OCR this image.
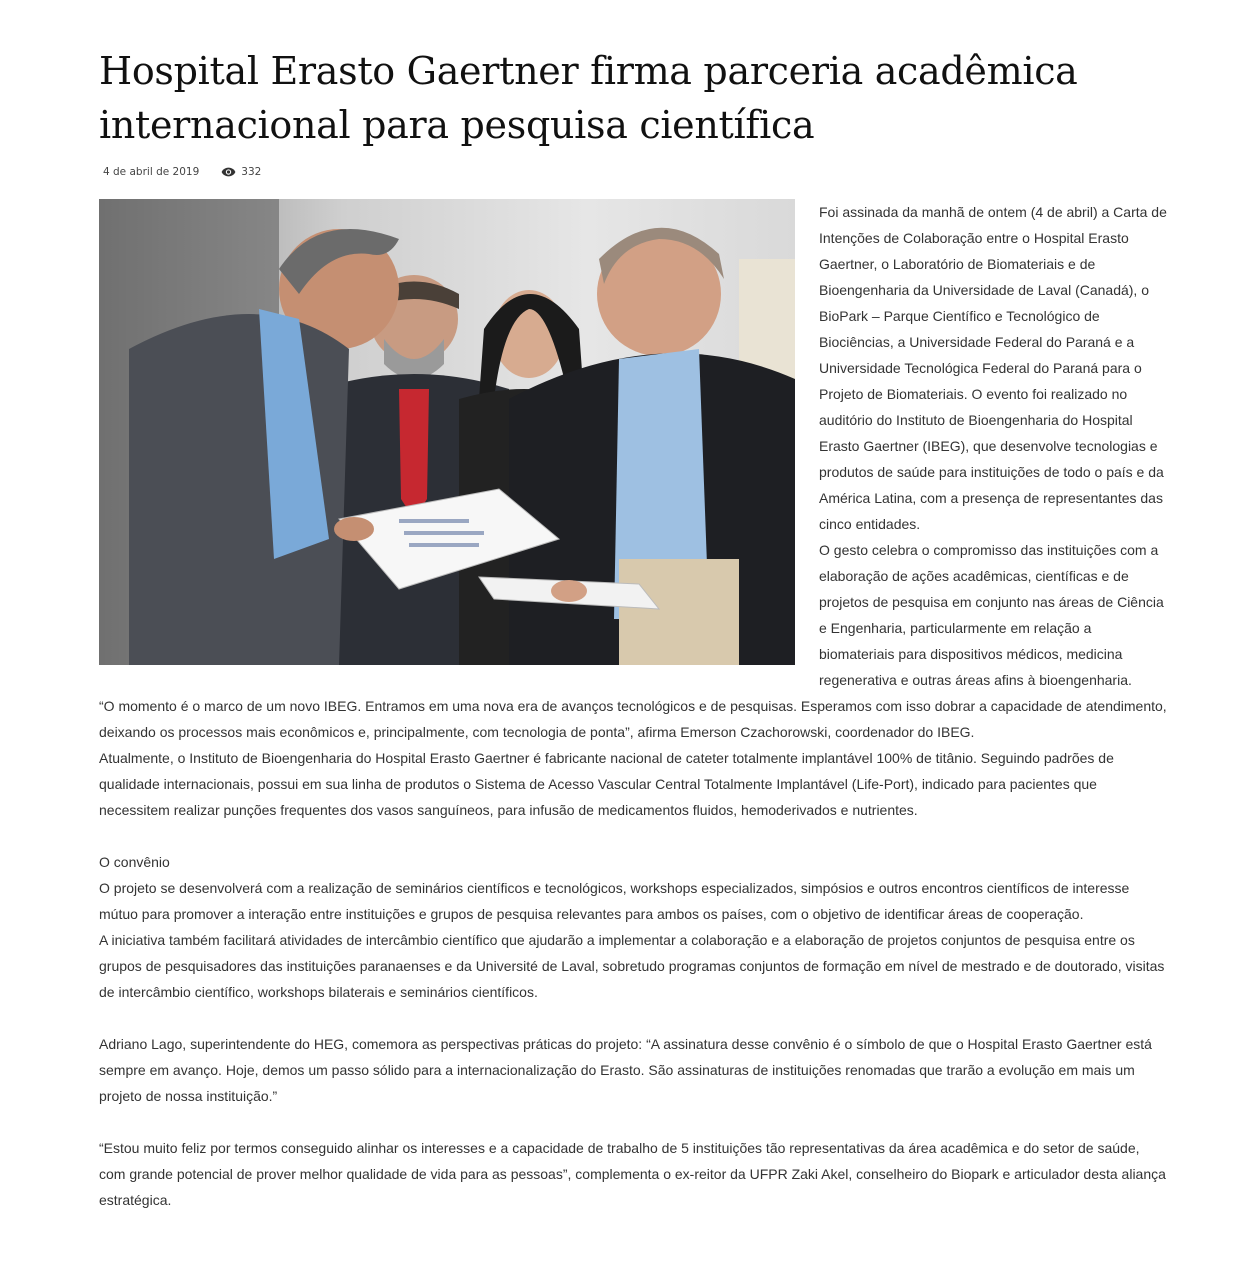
Hospital Erasto Gaertner firma parceria acadêmica internacional para pesquisa científica
4 de abril de 2019	332

Foi assinada da manhã de ontem (4 de abril) a Carta de Intenções de Colaboração entre o Hospital Erasto Gaertner, o Laboratório de Biomateriais e de Bioengenharia da Universidade de Laval (Canadá), o BioPark – Parque Científico e Tecnológico de Biociências, a Universidade Federal do Paraná e a Universidade Tecnológica Federal do Paraná para o Projeto de Biomateriais. O evento foi realizado no auditório do Instituto de Bioengenharia do Hospital Erasto Gaertner (IBEG), que desenvolve tecnologias e produtos de saúde para instituições de todo o país e da América Latina, com a presença de representantes das cinco entidades.

O gesto celebra o compromisso das instituições com a elaboração de ações acadêmicas, científicas e de projetos de pesquisa em conjunto nas áreas de Ciência e Engenharia, particularmente em relação a biomateriais para dispositivos médicos, medicina regenerativa e outras áreas afins à bioengenharia.

“O momento é o marco de um novo IBEG. Entramos em uma nova era de avanços tecnológicos e de pesquisas. Esperamos com isso dobrar a capacidade de atendimento, deixando os processos mais econômicos e, principalmente, com tecnologia de ponta”, afirma Emerson Czachorowski, coordenador do IBEG.

Atualmente, o Instituto de Bioengenharia do Hospital Erasto Gaertner é fabricante nacional de cateter totalmente implantável 100% de titânio. Seguindo padrões de qualidade internacionais, possui em sua linha de produtos o Sistema de Acesso Vascular Central Totalmente Implantável (Life-Port), indicado para pacientes que necessitem realizar punções frequentes dos vasos sanguíneos, para infusão de medicamentos fluidos, hemoderivados e nutrientes.

O convênio

O projeto se desenvolverá com a realização de seminários científicos e tecnológicos, workshops especializados, simpósios e outros encontros científicos de interesse mútuo para promover a interação entre instituições e grupos de pesquisa relevantes para ambos os países, com o objetivo de identificar áreas de cooperação.

A iniciativa também facilitará atividades de intercâmbio científico que ajudarão a implementar a colaboração e a elaboração de projetos conjuntos de pesquisa entre os grupos de pesquisadores das instituições paranaenses e da Université de Laval, sobretudo programas conjuntos de formação em nível de mestrado e de doutorado, visitas de intercâmbio científico, workshops bilaterais e seminários científicos.

Adriano Lago, superintendente do HEG, comemora as perspectivas práticas do projeto: “A assinatura desse convênio é o símbolo de que o Hospital Erasto Gaertner está sempre em avanço. Hoje, demos um passo sólido para a internacionalização do Erasto. São assinaturas de instituições renomadas que trarão a evolução em mais um projeto de nossa instituição.”

“Estou muito feliz por termos conseguido alinhar os interesses e a capacidade de trabalho de 5 instituições tão representativas da área acadêmica e do setor de saúde, com grande potencial de prover melhor qualidade de vida para as pessoas”, complementa o ex-reitor da UFPR Zaki Akel, conselheiro do Biopark e articulador desta aliança estratégica.
